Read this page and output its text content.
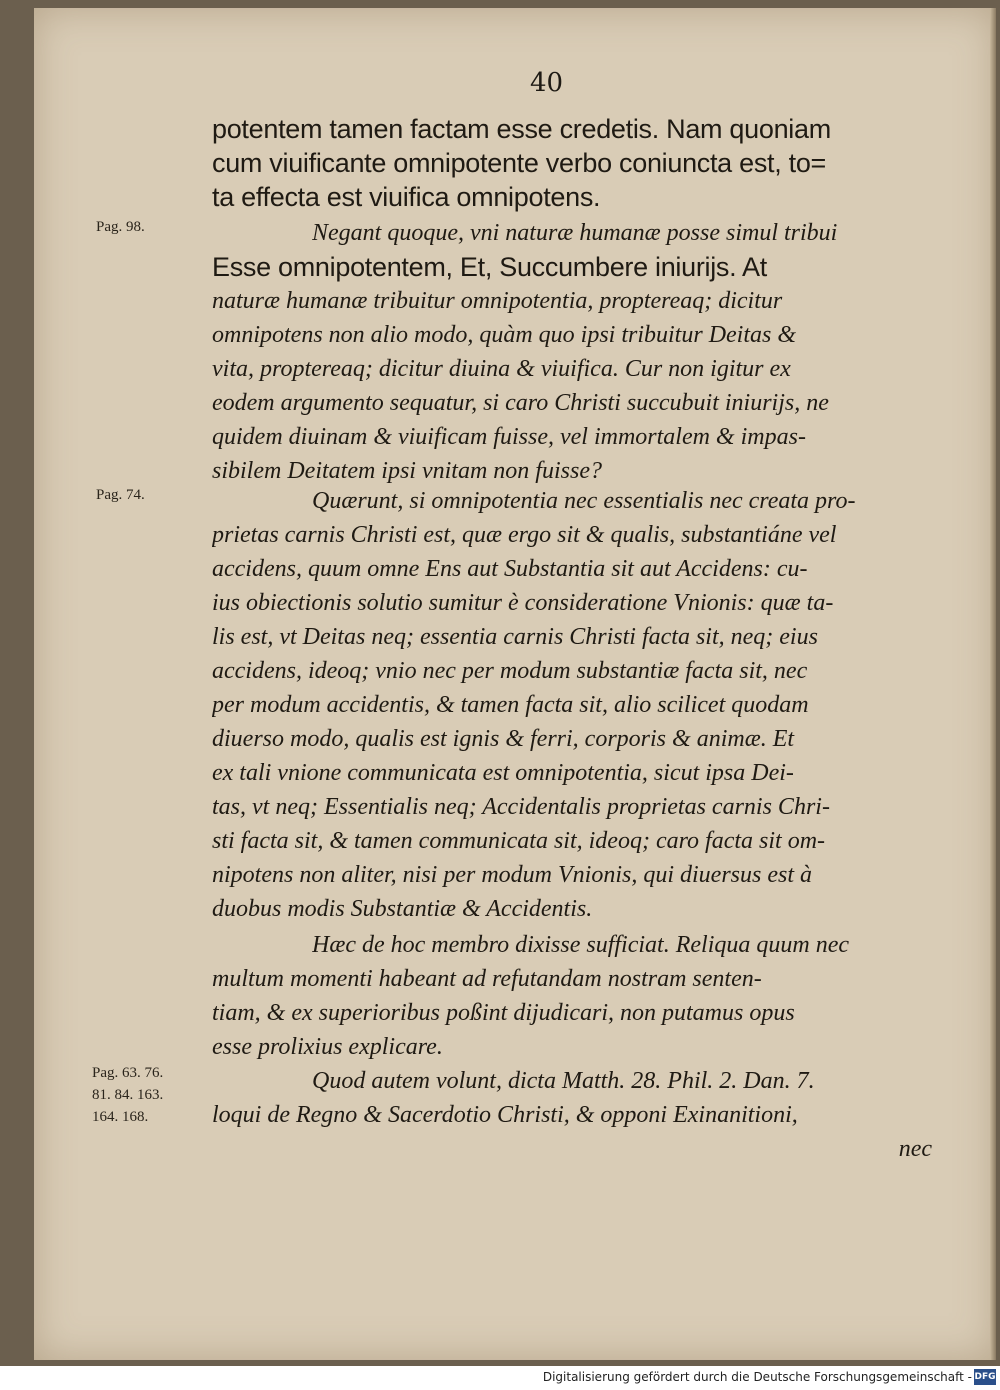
40
Pag. 98.
Pag. 74.
Pag. 63. 76.
81. 84. 163.
164. 168.
potentem tamen factam esse credetis. Nam quoniam
cum viuificante omnipotente verbo coniuncta est, to=
ta effecta est viuifica omnipotens.
Negant quoque, vni naturæ humanæ posse simul tribui
Esse omnipotentem, Et, Succumbere iniurijs. At
naturæ humanæ tribuitur omnipotentia, proptereaq; dicitur
omnipotens non alio modo, quàm quo ipsi tribuitur Deitas &
vita, proptereaq; dicitur diuina & viuifica. Cur non igitur ex
eodem argumento sequatur, si caro Christi succubuit iniurijs, ne
quidem diuinam & viuificam fuisse, vel immortalem & impas-
sibilem Deitatem ipsi vnitam non fuisse?
Quærunt, si omnipotentia nec essentialis nec creata pro-
prietas carnis Christi est, quæ ergo sit & qualis, substantiáne vel
accidens, quum omne Ens aut Substantia sit aut Accidens: cu-
ius obiectionis solutio sumitur è consideratione Vnionis: quæ ta-
lis est, vt Deitas neq; essentia carnis Christi facta sit, neq; eius
accidens, ideoq; vnio nec per modum substantiæ facta sit, nec
per modum accidentis, & tamen facta sit, alio scilicet quodam
diuerso modo, qualis est ignis & ferri, corporis & animæ. Et
ex tali vnione communicata est omnipotentia, sicut ipsa Dei-
tas, vt neq; Essentialis neq; Accidentalis proprietas carnis Chri-
sti facta sit, & tamen communicata sit, ideoq; caro facta sit om-
nipotens non aliter, nisi per modum Vnionis, qui diuersus est à
duobus modis Substantiæ & Accidentis.
Hæc de hoc membro dixisse sufficiat. Reliqua quum nec
multum momenti habeant ad refutandam nostram senten-
tiam, & ex superioribus poßint dijudicari, non putamus opus
esse prolixius explicare.
Quod autem volunt, dicta Matth. 28. Phil. 2. Dan. 7.
loqui de Regno & Sacerdotio Christi, & opponi Exinanitioni,
nec
Digitalisierung gefördert durch die Deutsche Forschungsgemeinschaft - DFG
